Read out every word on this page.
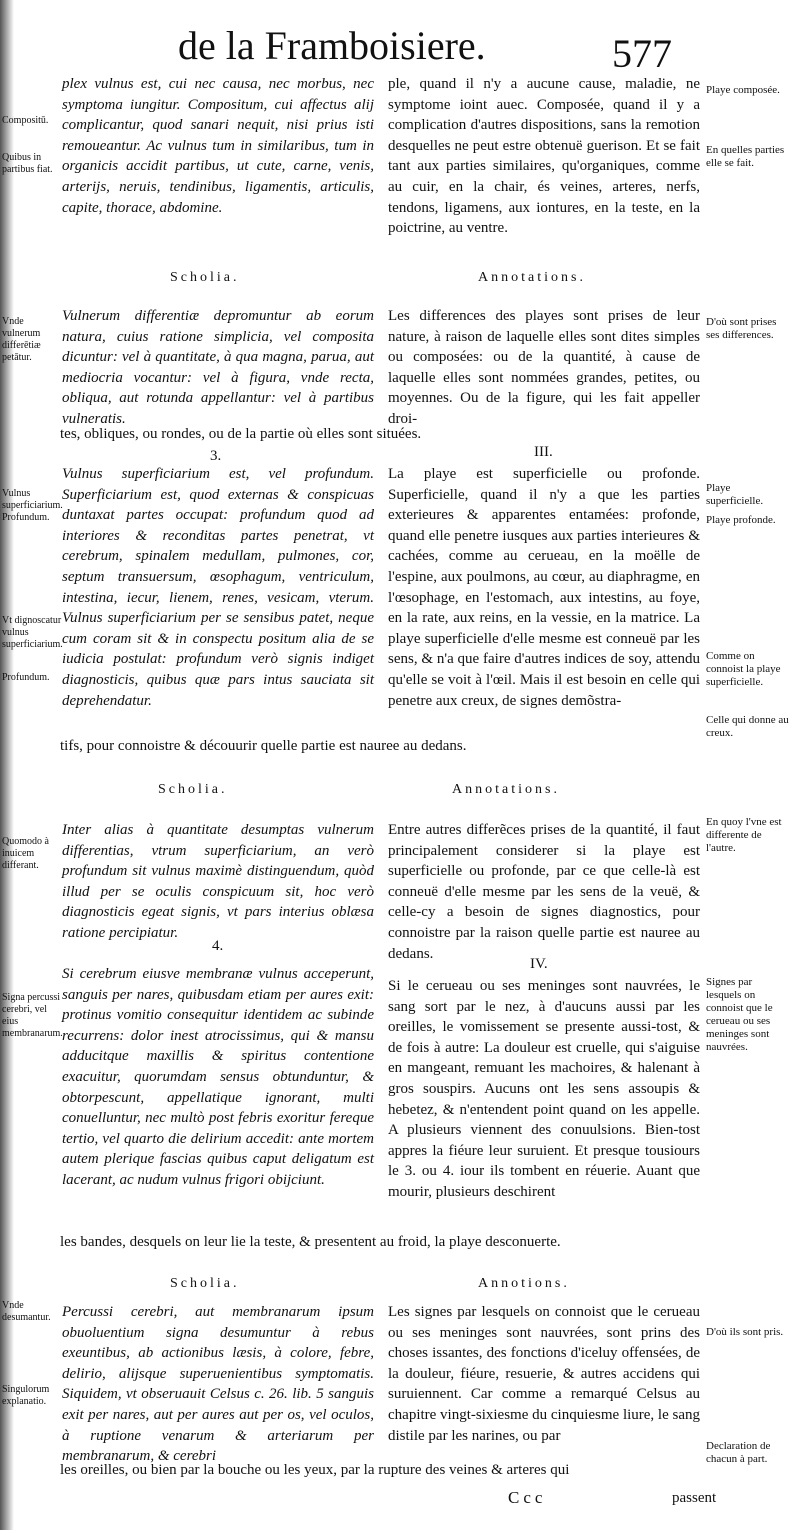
de la Framboisiere.	577

plex vulnus est, cui nec causa, nec morbus, nec symptoma iungitur. Compositum, cui affectus alij complicantur, quod sanari nequit, nisi prius isti remoueantur. Ac vulnus tum in similaribus, tum in organicis accidit partibus, ut cute, carne, venis, arterijs, neruis, tendinibus, ligamentis, articulis, capite, thorace, abdomine.

ple, quand il n'y a aucune cause, maladie, ne symptome ioint auec. Composée, quand il y a complication d'autres dispositions, sans la remotion desquelles ne peut estre obtenuë guerison. Et se fait tant aux parties similaires, qu'organiques, comme au cuir, en la chair, és veines, arteres, nerfs, tendons, ligamens, aux iontures, en la teste, en la poictrine, au ventre.

Compositū.

Quibus in partibus fiat.

Playe composée.

En quelles parties elle se fait.

Scholia.	Annotations.

Vulnerum differentiæ depromuntur ab eorum natura, cuius ratione simplicia, vel composita dicuntur: vel à quantitate, à qua magna, parua, aut mediocria vocantur: vel à figura, vnde recta, obliqua, aut rotunda appellantur: vel à partibus vulneratis.

Les differences des playes sont prises de leur nature, à raison de laquelle elles sont dites simples ou composées: ou de la quantité, à cause de laquelle elles sont nommées grandes, petites, ou moyennes. Ou de la figure, qui les fait appeller droi-

tes, obliques, ou rondes, ou de la partie où elles sont situées.

Vnde vulnerum differētiæ petātur.

D'où sont prises ses differences.

3.	III.

Vulnus superficiarium est, vel profundum. Superficiarium est, quod externas & conspicuas duntaxat partes occupat: profundum quod ad interiores & reconditas partes penetrat, vt cerebrum, spinalem medullam, pulmones, cor, septum transuersum, œsophagum, ventriculum, intestina, iecur, lienem, renes, vesicam, vterum. Vulnus superficiarium per se sensibus patet, neque cum coram sit & in conspectu positum alia de se iudicia postulat: profundum verò signis indiget diagnosticis, quibus quæ pars intus sauciata sit deprehendatur.

La playe est superficielle ou profonde. Superficielle, quand il n'y a que les parties exterieures & apparentes entamées: profonde, quand elle penetre iusques aux parties interieures & cachées, comme au cerueau, en la moëlle de l'espine, aux poulmons, au cœur, au diaphragme, en l'œsophage, en l'estomach, aux intestins, au foye, en la rate, aux reins, en la vessie, en la matrice. La playe superficielle d'elle mesme est conneuë par les sens, & n'a que faire d'autres indices de soy, attendu qu'elle se voit à l'œil. Mais il est besoin en celle qui penetre aux creux, de signes demõstra-

tifs, pour connoistre & découurir quelle partie est nauree au dedans.

Vulnus superficiarium.

Profundum.

Vt dignoscatur vulnus superficiarium.

Profundum.

Playe superficielle.

Playe profonde.

Comme on connoist la playe superficielle.

Celle qui donne au creux.

Scholia.	Annotations.

Inter alias à quantitate desumptas vulnerum differentias, vtrum superficiarium, an verò profundum sit vulnus maximè distinguendum, quòd illud per se oculis conspicuum sit, hoc verò diagnosticis egeat signis, vt pars interius oblæsa ratione percipiatur.

Entre autres differẽces prises de la quantité, il faut principalement considerer si la playe est superficielle ou profonde, par ce que celle-là est conneuë d'elle mesme par les sens de la veuë, & celle-cy a besoin de signes diagnostics, pour connoistre par la raison quelle partie est nauree au dedans.

Quomodo à inuicem differant.

En quoy l'vne est differente de l'autre.

4.
IV.

Si cerebrum eiusve membranæ vulnus acceperunt, sanguis per nares, quibusdam etiam per aures exit: protinus vomitio consequitur identidem ac subinde recurrens: dolor inest atrocissimus, qui & mansu adducitque maxillis & spiritus contentione exacuitur, quorumdam sensus obtunduntur, & obtorpescunt, appellatique ignorant, multi conuelluntur, nec multò post febris exoritur fereque tertio, vel quarto die delirium accedit: ante mortem autem plerique fascias quibus caput deligatum est lacerant, ac nudum vulnus frigori obijciunt.

Si le cerueau ou ses meninges sont nauvrées, le sang sort par le nez, à d'aucuns aussi par les oreilles, le vomissement se presente aussi-tost, & de fois à autre: La douleur est cruelle, qui s'aiguise en mangeant, remuant les machoires, & halenant à gros souspirs. Aucuns ont les sens assoupis & hebetez, & n'entendent point quand on les appelle. A plusieurs viennent des conuulsions. Bien-tost appres la fiéure leur suruient. Et presque tousiours le 3. ou 4. iour ils tombent en réuerie. Auant que mourir, plusieurs deschirent

les bandes, desquels on leur lie la teste, & presentent au froid, la playe desconuerte.

Signa percussi cerebri, vel eius membranarum.

Signes par lesquels on connoist que le cerueau ou ses meninges sont nauvrées.

Scholia.	Annotions.

Percussi cerebri, aut membranarum ipsum obuoluentium signa desumuntur à rebus exeuntibus, ab actionibus læsis, à colore, febre, delirio, alijsque superuenientibus symptomatis. Siquidem, vt obseruauit Celsus c. 26. lib. 5 sanguis exit per nares, aut per aures aut per os, vel oculos, à ruptione venarum & arteriarum per membranarum, & cerebri

Les signes par lesquels on connoist que le cerueau ou ses meninges sont nauvrées, sont prins des choses issantes, des fonctions d'iceluy offensées, de la douleur, fiéure, resuerie, & autres accidens qui suruiennent. Car comme a remarqué Celsus au chapitre vingt-sixiesme du cinquiesme liure, le sang distile par les narines, ou par

les oreilles, ou bien par la bouche ou les yeux, par la rupture des veines & arteres qui

Vnde desumantur.

Singulorum explanatio.

D'où ils sont pris.

Declaration de chacun à part.

Ccc	passent
